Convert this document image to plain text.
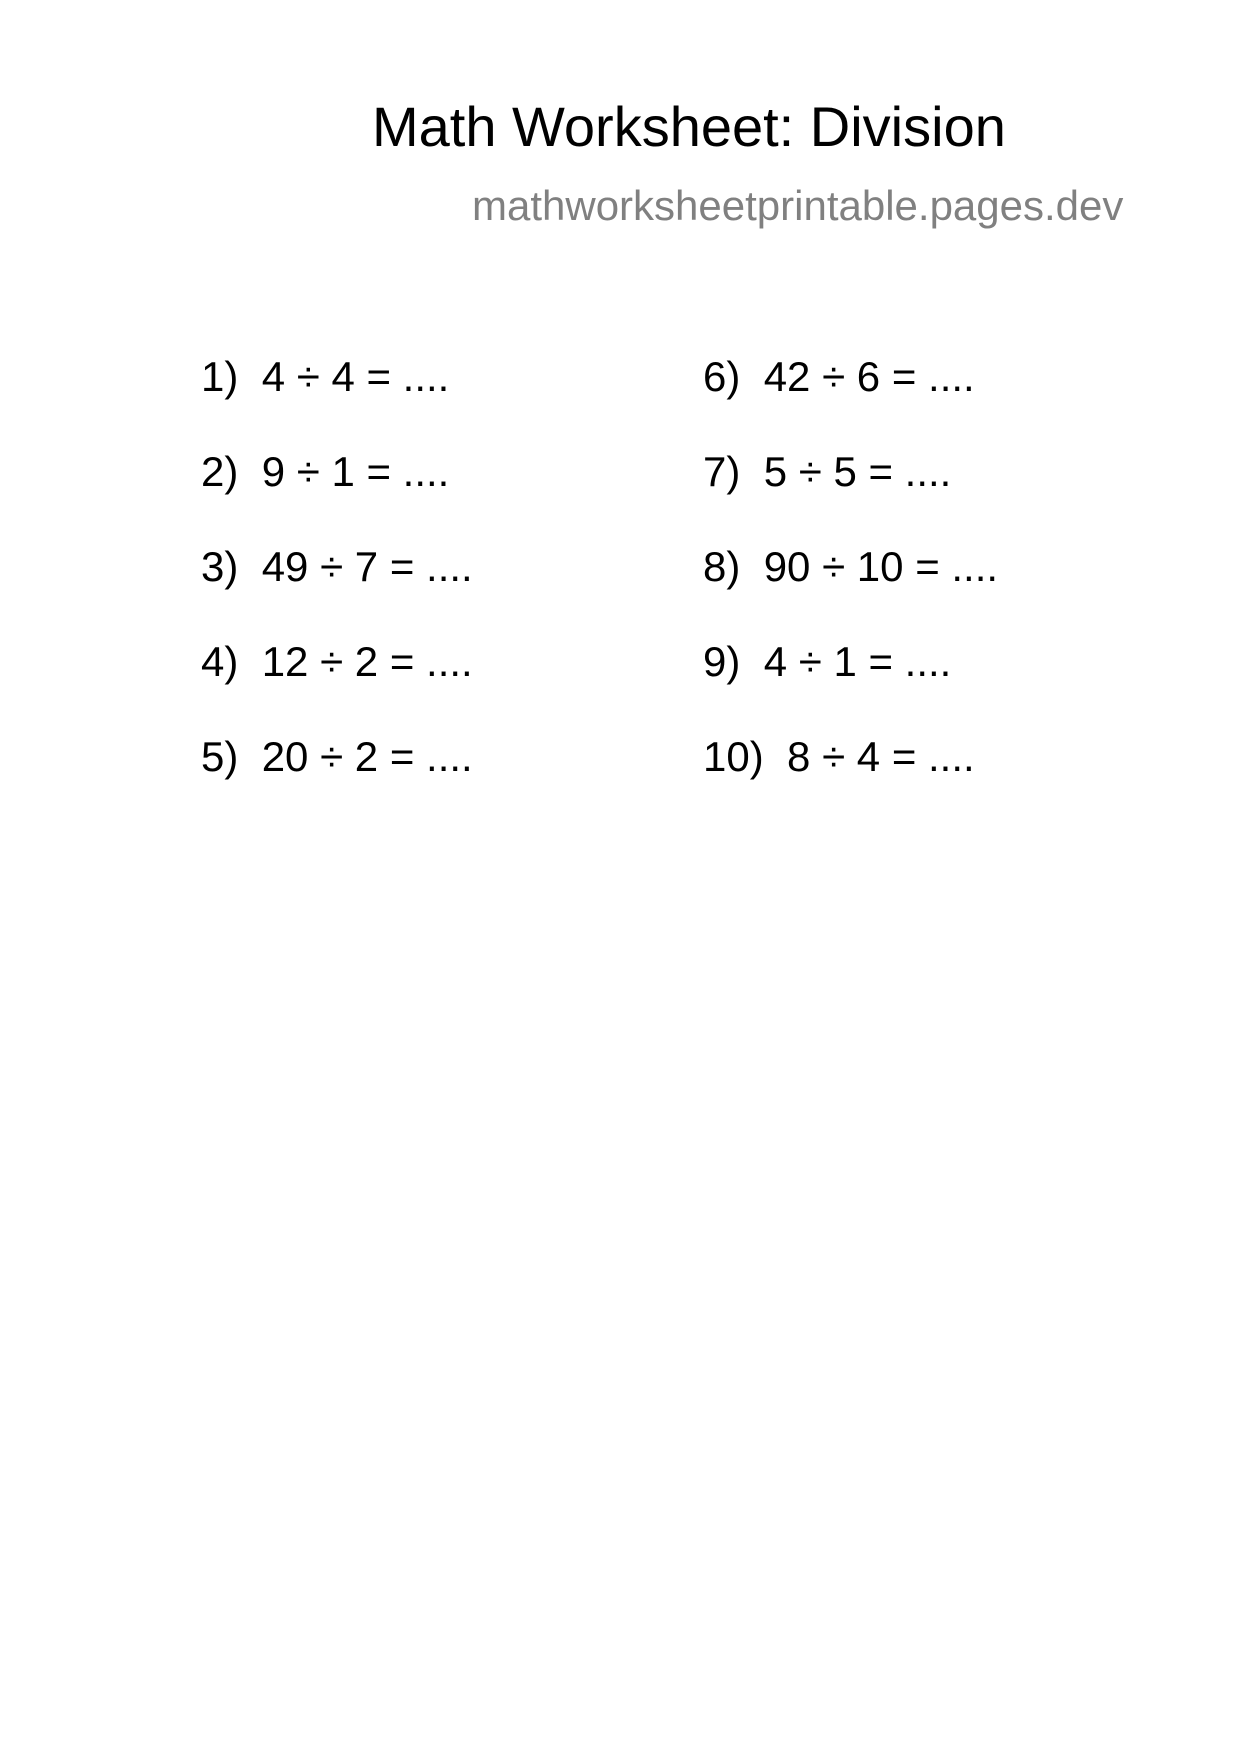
Math Worksheet: Division
mathworksheetprintable.pages.dev
1) 4 ÷ 4 = ....
2) 9 ÷ 1 = ....
3) 49 ÷ 7 = ....
4) 12 ÷ 2 = ....
5) 20 ÷ 2 = ....
6) 42 ÷ 6 = ....
7) 5 ÷ 5 = ....
8) 90 ÷ 10 = ....
9) 4 ÷ 1 = ....
10) 8 ÷ 4 = ....
